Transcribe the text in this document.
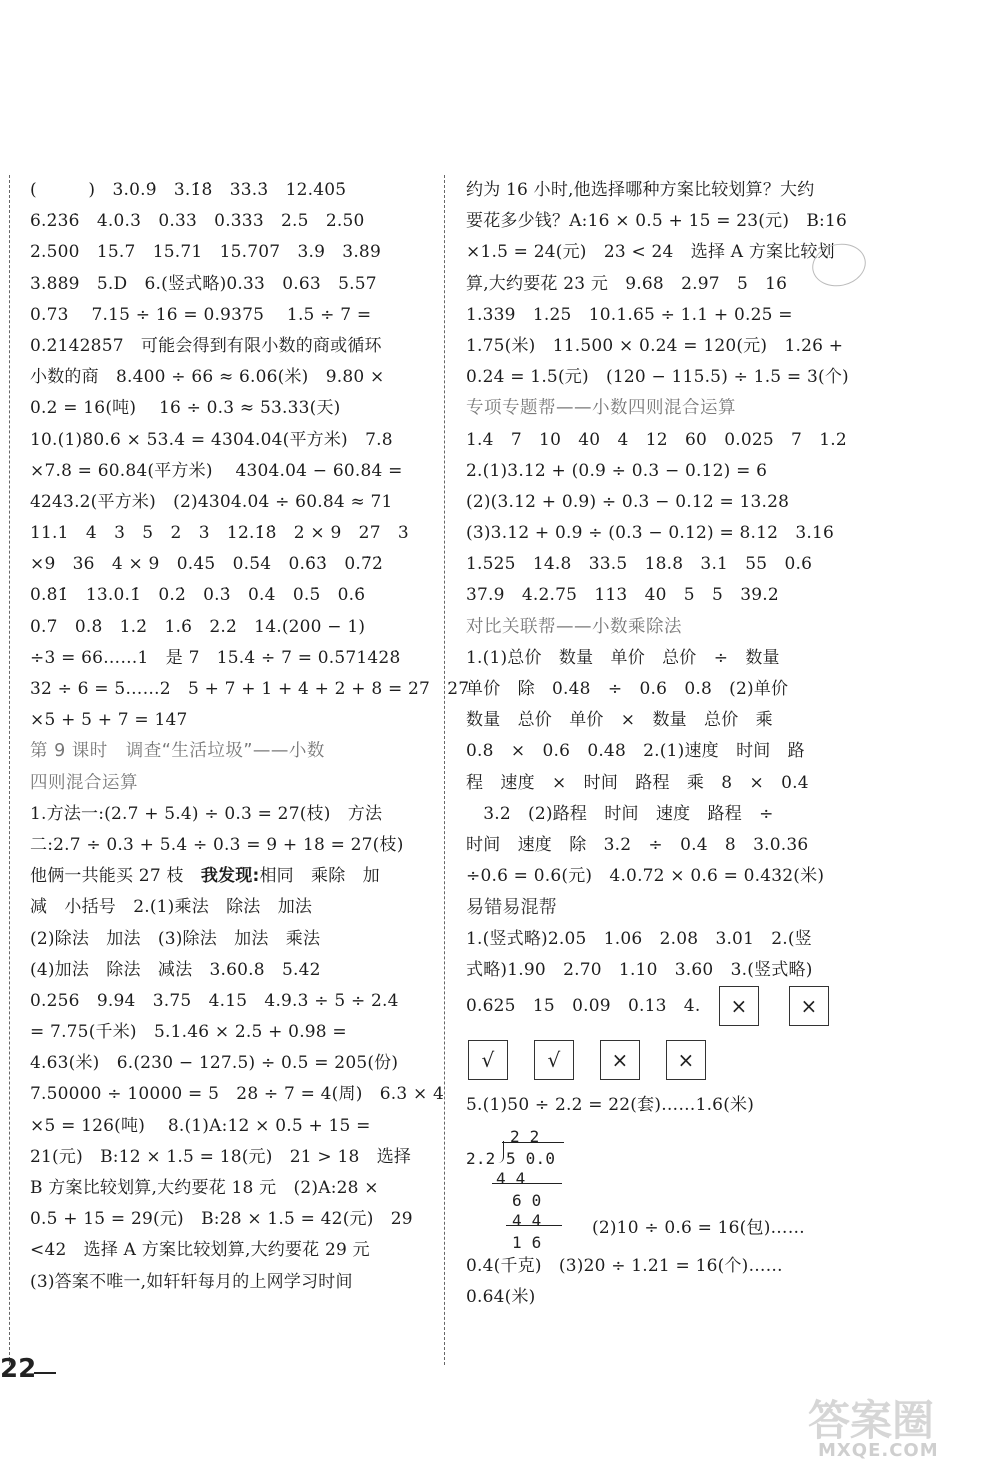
(　　　)　3.0.9̇　3.1̇8̇　33.3̇　12.4̇05̇
6.2̇36̇　4.0.3　0.33　0.333　2.5　2.50
2.500　15.7　15.71　15.707　3.9　3.89
3.889　5.D　6.(竖式略)0.33　0.63　5.57
0.73　 7.15 ÷ 16 = 0.9375　 1.5 ÷ 7 =
0.2̇14285̇7　可能会得到有限小数的商或循环
小数的商　8.400 ÷ 66 ≈ 6.06(米)　9.80 ×
0.2 = 16(吨)　 16 ÷ 0.3 ≈ 53.33(天)
10.(1)80.6 × 53.4 = 4304.04(平方米)　7.8
×7.8 = 60.84(平方米)　 4304.04 − 60.84 =
4243.2(平方米)　(2)4304.04 ÷ 60.84 ≈ 71
11.1　4　3　5　2　3　12.1̇8̇　2 × 9　27　3
×9　36　4 × 9　0.4̇5̇　0.5̇4̇　0.6̇3̇　0.7̇2̇
0.8̇1̇　13.0.1̇　0.2̇　0.3̇　0.4̇　0.5̇　0.6̇
0.7̇　0.8̇　1.2̇　1.6̇　2.2̇　14.(200 − 1)
÷3 = 66……1　是 7　15.4 ÷ 7 = 0.5̇71428̇
32 ÷ 6 = 5……2　5 + 7 + 1 + 4 + 2 + 8 = 27　27
×5 + 5 + 7 = 147
第 9 课时　调查“生活垃圾”——小数
四则混合运算
1.方法一:(2.7 + 5.4) ÷ 0.3 = 27(枝)　方法
二:2.7 ÷ 0.3 + 5.4 ÷ 0.3 = 9 + 18 = 27(枝)
他俩一共能买 27 枝　我发现:相同　乘除　加
减　小括号　2.(1)乘法　除法　加法
(2)除法　加法　(3)除法　加法　乘法
(4)加法　除法　减法　3.60.8　5.42
0.256　9.94　3.75　4.15　4.9.3 ÷ 5 ÷ 2.4
= 7.75(千米)　5.1.46 × 2.5 + 0.98 =
4.63(米)　6.(230 − 127.5) ÷ 0.5 = 205(份)
7.50000 ÷ 10000 = 5　28 ÷ 7 = 4(周)　6.3 × 4
×5 = 126(吨)　 8.(1)A:12 × 0.5 + 15 =
21(元)　B:12 × 1.5 = 18(元)　21 > 18　选择
B 方案比较划算,大约要花 18 元　(2)A:28 ×
0.5 + 15 = 29(元)　B:28 × 1.5 = 42(元)　29
<42　选择 A 方案比较划算,大约要花 29 元
(3)答案不唯一,如轩轩每月的上网学习时间
约为 16 小时,他选择哪种方案比较划算？大约
要花多少钱？A:16 × 0.5 + 15 = 23(元)　B:16
×1.5 = 24(元)　23 < 24　选择 A 方案比较划
算,大约要花 23 元　9.68　2.97　5　16
1.339　1.25　10.1.65 ÷ 1.1 + 0.25 =
1.75(米)　11.500 × 0.24 = 120(元)　1.26 +
0.24 = 1.5(元)　(120 − 115.5) ÷ 1.5 = 3(个)
专项专题帮——小数四则混合运算
1.4　7　10　40　4　12　60　0.025　7　1.2
2.(1)3.12 + (0.9 ÷ 0.3 − 0.12) = 6
(2)(3.12 + 0.9) ÷ 0.3 − 0.12 = 13.28
(3)3.12 + 0.9 ÷ (0.3 − 0.12) = 8.12　3.16
1.525　14.8　33.5　18.8　3.1　55　0.6
37.9　4.2.75　113　40　5　5　39.2
对比关联帮——小数乘除法
1.(1)总价　数量　单价　总价　÷　数量
单价　除　0.48　÷　0.6　0.8　(2)单价
数量　总价　单价　×　数量　总价　乘
0.8　×　0.6　0.48　2.(1)速度　时间　路
程　速度　×　时间　路程　乘　8　×　0.4
　3.2　(2)路程　时间　速度　路程　÷
时间　速度　除　3.2　÷　0.4　8　3.0.36
÷0.6 = 0.6(元)　4.0.72 × 0.6 = 0.432(米)
易错易混帮
1.(竖式略)2.05　1.06　2.08　3.01　2.(竖
式略)1.90　2.70　1.10　3.60　3.(竖式略)
0.625　15　0.09　0.13　4.	×	×
√	√	×	×
5.(1)50 ÷ 2.2 = 22(套)……1.6(米)
2 2
2.2 5 0.0
4 4
6 0
4 4
1 6
(2)10 ÷ 0.6 = 16(包)……
0.4(千克)　(3)20 ÷ 1.21 = 16(个)……
0.64(米)
22
答案圈
MXQE.COM
